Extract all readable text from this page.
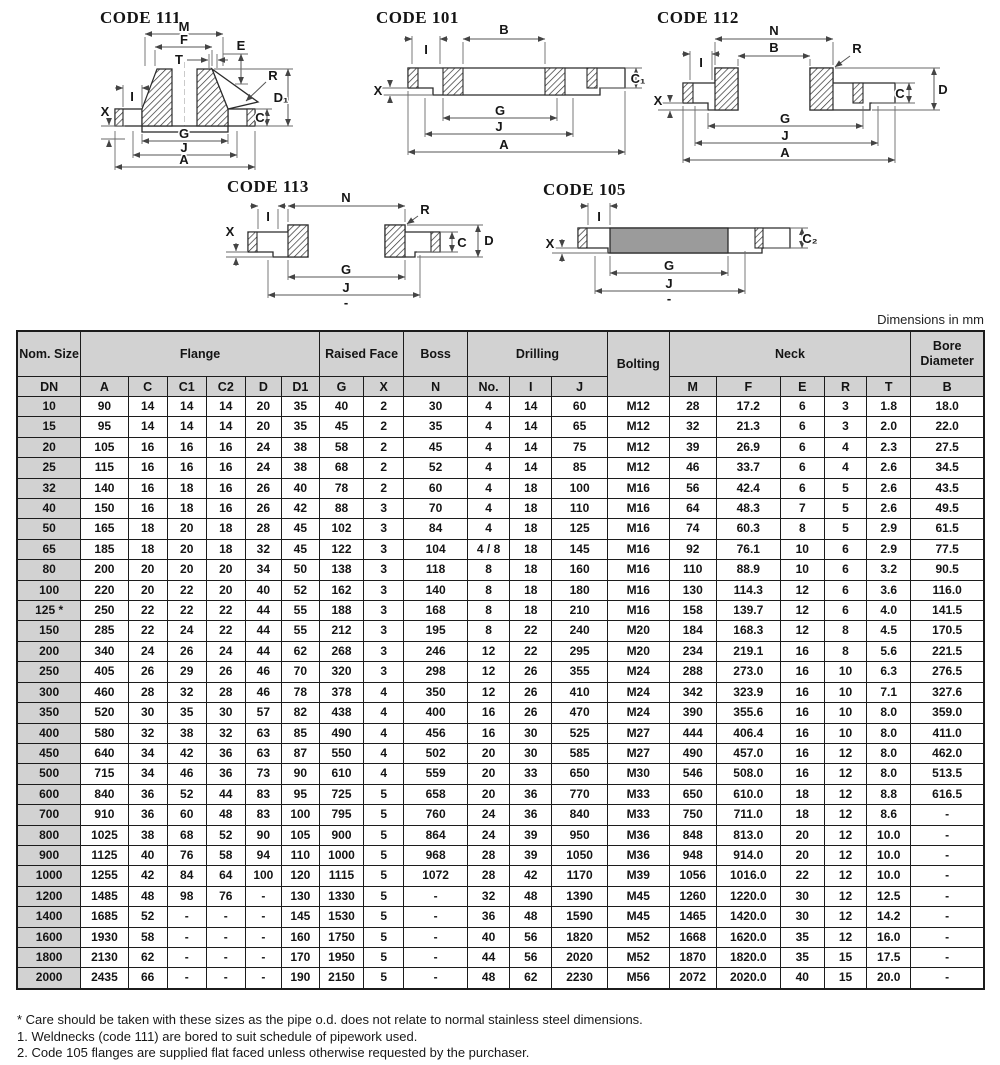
CODE 111	CODE 101	CODE 112
CODE 113	CODE 105
M
F
T
E
R
D₁
C
X
I
G
J
A
I
B
X
C₁
G
J
A
N
B	R
I
X	C	D
G
J
A
N
R
I
X
C D
G
J
-
I
X	C₂
G
J
-
Dimensions in mm
Nom. Size	Flange						Raised Face		Boss	Drilling			Bolting	Neck					Bore Diameter
DN	A	C	C1	C2	D	D1	G	X	N	No.	I	J		M	F	E	R	T	B
10	90	14	14	14	20	35	40	2	30	4	14	60	M12	28	17.2	6	3	1.8	18.0
15	95	14	14	14	20	35	45	2	35	4	14	65	M12	32	21.3	6	3	2.0	22.0
20	105	16	16	16	24	38	58	2	45	4	14	75	M12	39	26.9	6	4	2.3	27.5
25	115	16	16	16	24	38	68	2	52	4	14	85	M12	46	33.7	6	4	2.6	34.5
32	140	16	18	16	26	40	78	2	60	4	18	100	M16	56	42.4	6	5	2.6	43.5
40	150	16	18	16	26	42	88	3	70	4	18	110	M16	64	48.3	7	5	2.6	49.5
50	165	18	20	18	28	45	102	3	84	4	18	125	M16	74	60.3	8	5	2.9	61.5
65	185	18	20	18	32	45	122	3	104	4 / 8	18	145	M16	92	76.1	10	6	2.9	77.5
80	200	20	20	20	34	50	138	3	118	8	18	160	M16	110	88.9	10	6	3.2	90.5
100	220	20	22	20	40	52	162	3	140	8	18	180	M16	130	114.3	12	6	3.6	116.0
125 *	250	22	22	22	44	55	188	3	168	8	18	210	M16	158	139.7	12	6	4.0	141.5
150	285	22	24	22	44	55	212	3	195	8	22	240	M20	184	168.3	12	8	4.5	170.5
200	340	24	26	24	44	62	268	3	246	12	22	295	M20	234	219.1	16	8	5.6	221.5
250	405	26	29	26	46	70	320	3	298	12	26	355	M24	288	273.0	16	10	6.3	276.5
300	460	28	32	28	46	78	378	4	350	12	26	410	M24	342	323.9	16	10	7.1	327.6
350	520	30	35	30	57	82	438	4	400	16	26	470	M24	390	355.6	16	10	8.0	359.0
400	580	32	38	32	63	85	490	4	456	16	30	525	M27	444	406.4	16	10	8.0	411.0
450	640	34	42	36	63	87	550	4	502	20	30	585	M27	490	457.0	16	12	8.0	462.0
500	715	34	46	36	73	90	610	4	559	20	33	650	M30	546	508.0	16	12	8.0	513.5
600	840	36	52	44	83	95	725	5	658	20	36	770	M33	650	610.0	18	12	8.8	616.5
700	910	36	60	48	83	100	795	5	760	24	36	840	M33	750	711.0	18	12	8.6	-
800	1025	38	68	52	90	105	900	5	864	24	39	950	M36	848	813.0	20	12	10.0	-
900	1125	40	76	58	94	110	1000	5	968	28	39	1050	M36	948	914.0	20	12	10.0	-
1000	1255	42	84	64	100	120	1115	5	1072	28	42	1170	M39	1056	1016.0	22	12	10.0	-
1200	1485	48	98	76	-	130	1330	5	-	32	48	1390	M45	1260	1220.0	30	12	12.5	-
1400	1685	52	-	-	-	145	1530	5	-	36	48	1590	M45	1465	1420.0	30	12	14.2	-
1600	1930	58	-	-	-	160	1750	5	-	40	56	1820	M52	1668	1620.0	35	12	16.0	-
1800	2130	62	-	-	-	170	1950	5	-	44	56	2020	M52	1870	1820.0	35	15	17.5	-
2000	2435	66	-	-	-	190	2150	5	-	48	62	2230	M56	2072	2020.0	40	15	20.0	-
* Care should be taken with these sizes as the pipe o.d. does not relate to normal stainless steel dimensions.
1. Weldnecks (code 111) are bored to suit schedule of pipework used.
2. Code 105 flanges are supplied flat faced unless otherwise requested by the purchaser.
